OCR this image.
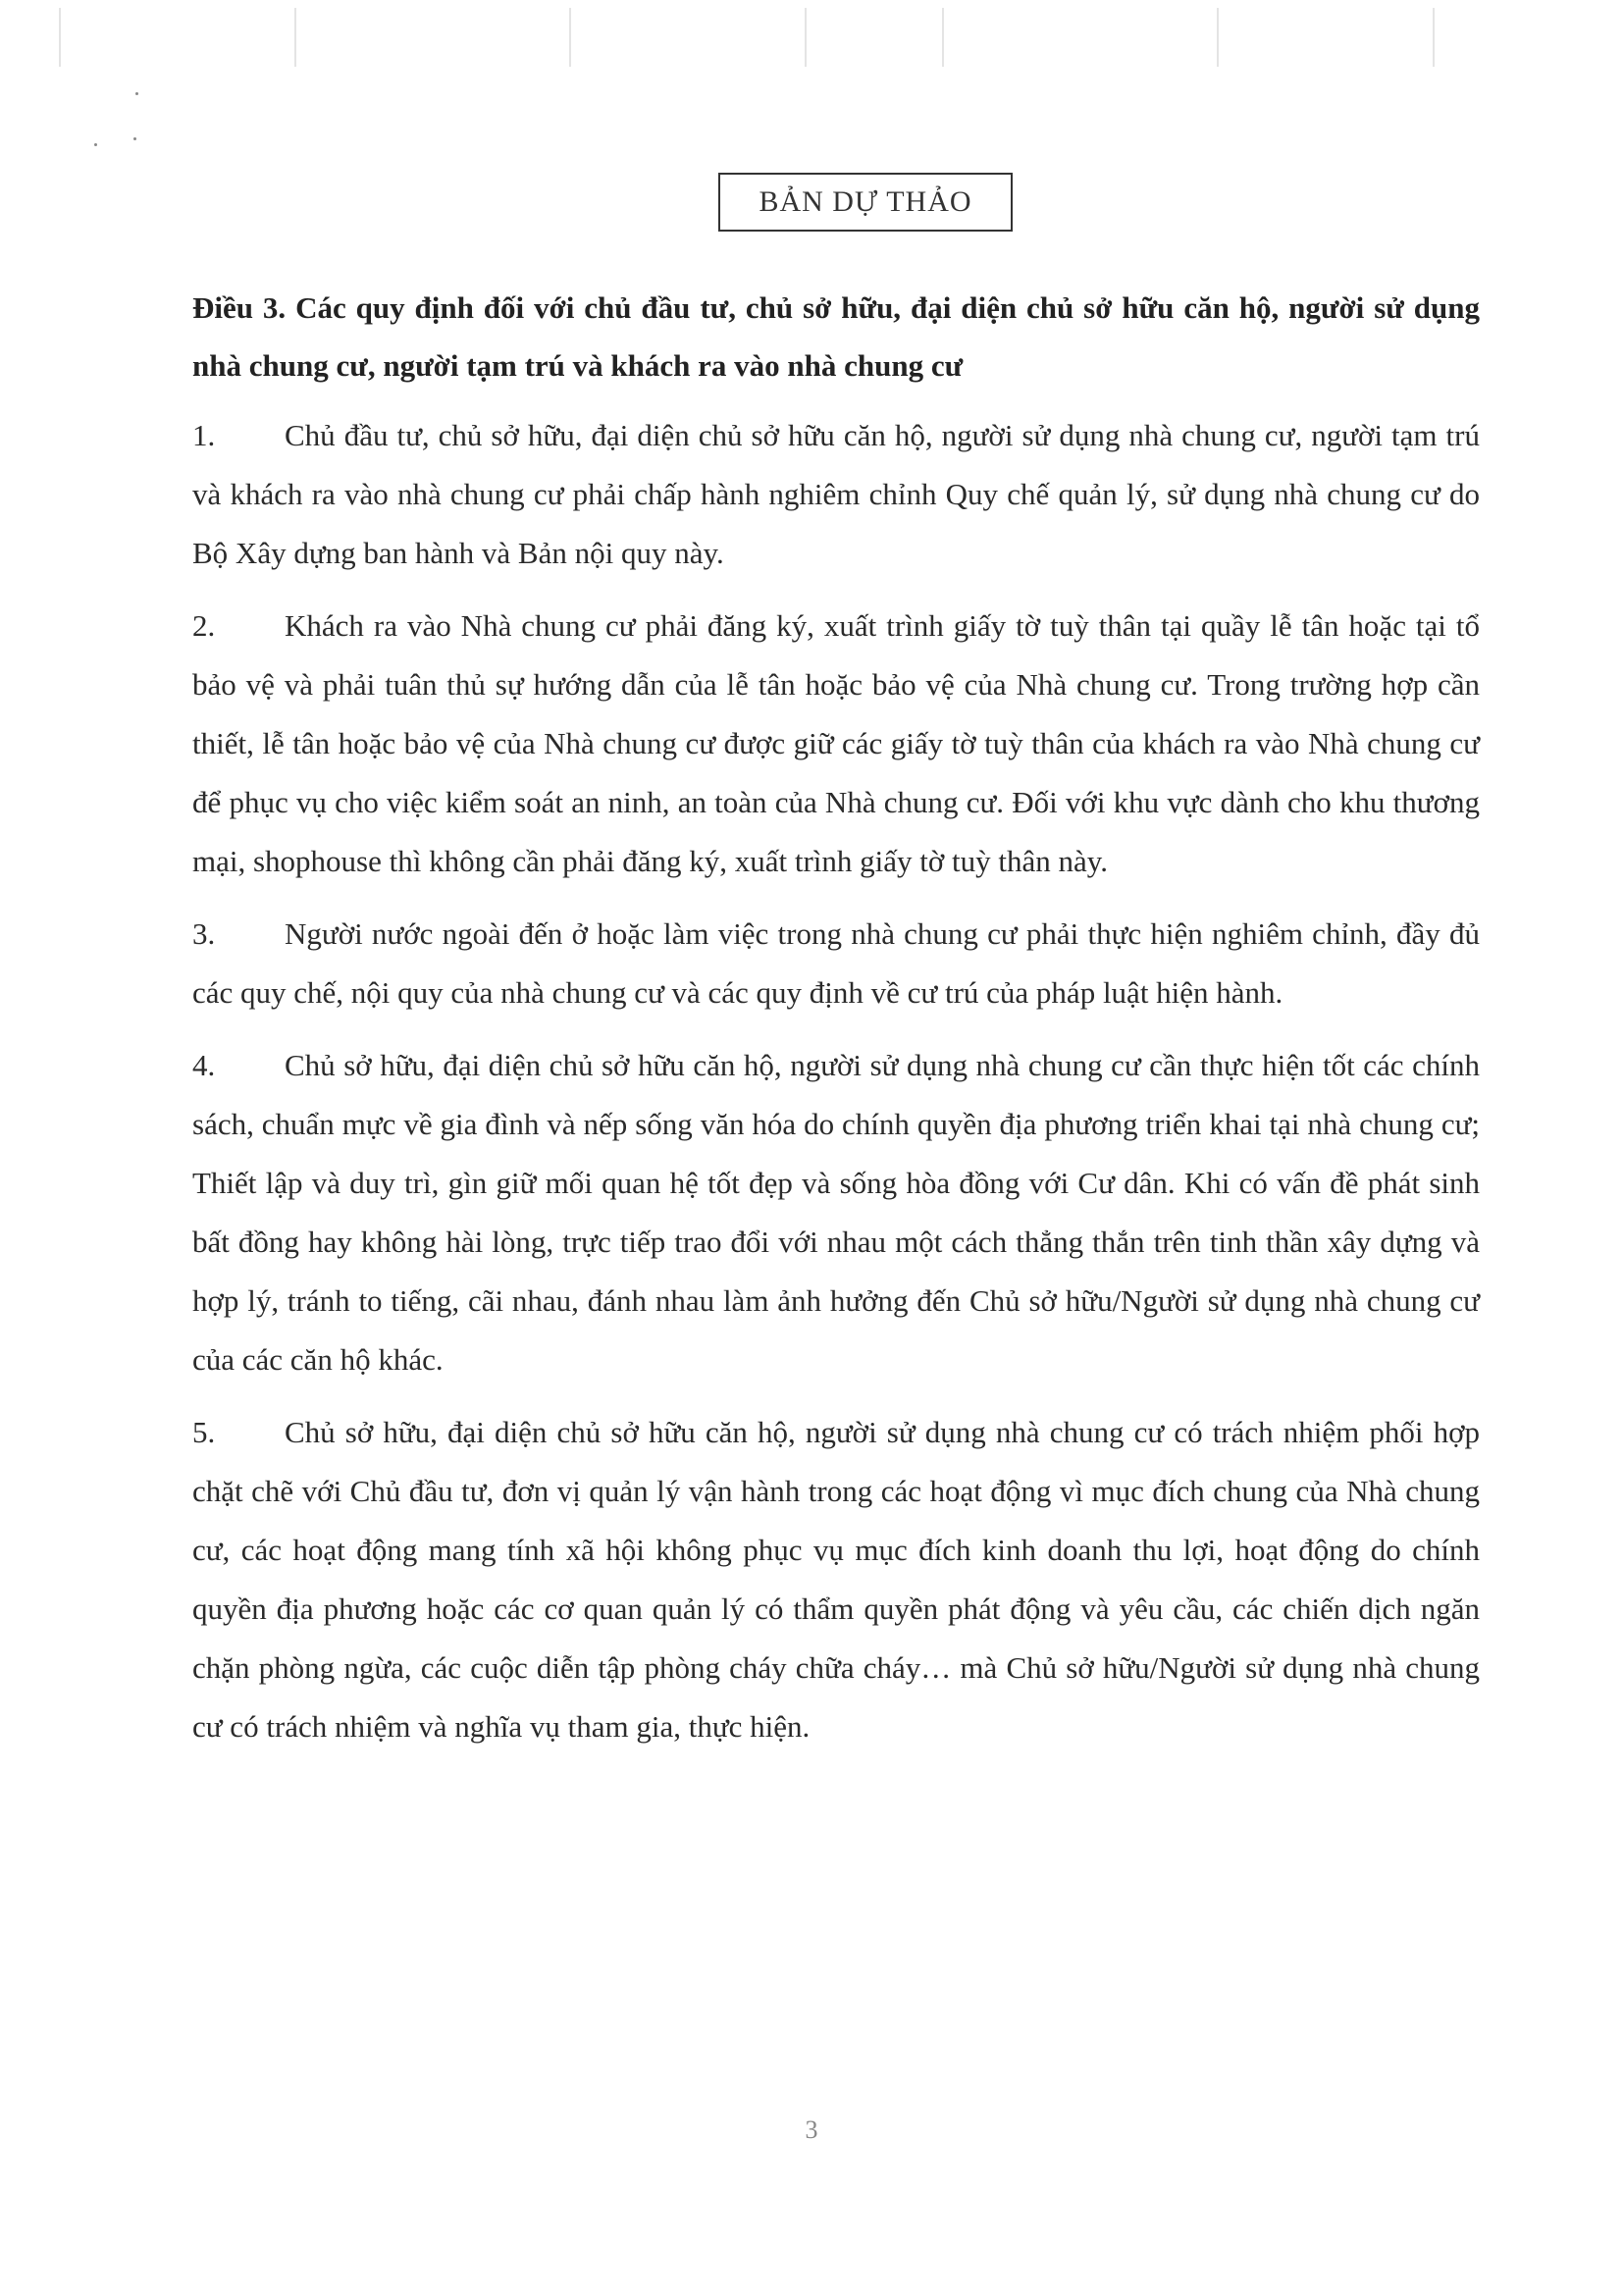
BẢN DỰ THẢO

Điều 3. Các quy định đối với chủ đầu tư, chủ sở hữu, đại diện chủ sở hữu căn hộ, người sử dụng nhà chung cư, người tạm trú và khách ra vào nhà chung cư

1. Chủ đầu tư, chủ sở hữu, đại diện chủ sở hữu căn hộ, người sử dụng nhà chung cư, người tạm trú và khách ra vào nhà chung cư phải chấp hành nghiêm chỉnh Quy chế quản lý, sử dụng nhà chung cư do Bộ Xây dựng ban hành và Bản nội quy này.

2. Khách ra vào Nhà chung cư phải đăng ký, xuất trình giấy tờ tuỳ thân tại quầy lễ tân hoặc tại tổ bảo vệ và phải tuân thủ sự hướng dẫn của lễ tân hoặc bảo vệ của Nhà chung cư. Trong trường hợp cần thiết, lễ tân hoặc bảo vệ của Nhà chung cư được giữ các giấy tờ tuỳ thân của khách ra vào Nhà chung cư để phục vụ cho việc kiểm soát an ninh, an toàn của Nhà chung cư. Đối với khu vực dành cho khu thương mại, shophouse thì không cần phải đăng ký, xuất trình giấy tờ tuỳ thân này.

3. Người nước ngoài đến ở hoặc làm việc trong nhà chung cư phải thực hiện nghiêm chỉnh, đầy đủ các quy chế, nội quy của nhà chung cư và các quy định về cư trú của pháp luật hiện hành.

4. Chủ sở hữu, đại diện chủ sở hữu căn hộ, người sử dụng nhà chung cư cần thực hiện tốt các chính sách, chuẩn mực về gia đình và nếp sống văn hóa do chính quyền địa phương triển khai tại nhà chung cư; Thiết lập và duy trì, gìn giữ mối quan hệ tốt đẹp và sống hòa đồng với Cư dân. Khi có vấn đề phát sinh bất đồng hay không hài lòng, trực tiếp trao đổi với nhau một cách thẳng thắn trên tinh thần xây dựng và hợp lý, tránh to tiếng, cãi nhau, đánh nhau làm ảnh hưởng đến Chủ sở hữu/Người sử dụng nhà chung cư của các căn hộ khác.

5. Chủ sở hữu, đại diện chủ sở hữu căn hộ, người sử dụng nhà chung cư có trách nhiệm phối hợp chặt chẽ với Chủ đầu tư, đơn vị quản lý vận hành trong các hoạt động vì mục đích chung của Nhà chung cư, các hoạt động mang tính xã hội không phục vụ mục đích kinh doanh thu lợi, hoạt động do chính quyền địa phương hoặc các cơ quan quản lý có thẩm quyền phát động và yêu cầu, các chiến dịch ngăn chặn phòng ngừa, các cuộc diễn tập phòng cháy chữa cháy… mà Chủ sở hữu/Người sử dụng nhà chung cư có trách nhiệm và nghĩa vụ tham gia, thực hiện.

3
